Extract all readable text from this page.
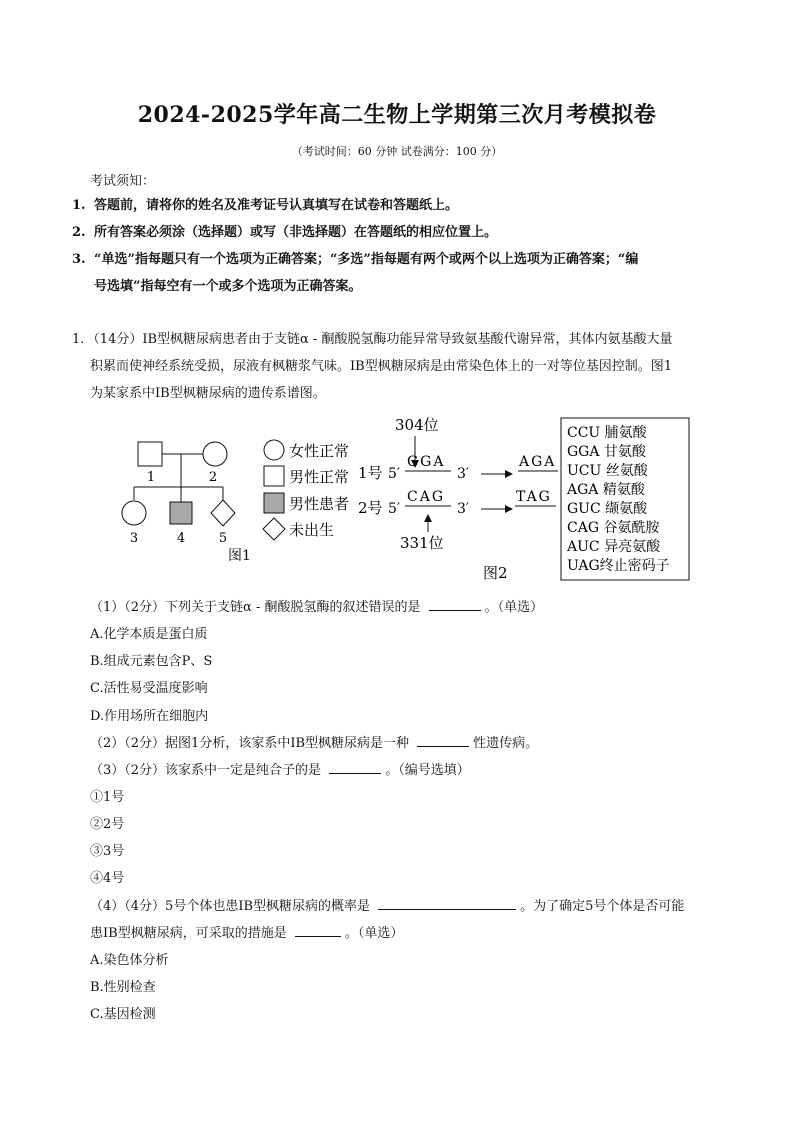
2024-2025学年高二生物上学期第三次月考模拟卷
（考试时间：60 分钟 试卷满分：100 分）
考试须知：
1. 答题前，请将你的姓名及准考证号认真填写在试卷和答题纸上。
2. 所有答案必须涂（选择题）或写（非选择题）在答题纸的相应位置上。
3. “单选”指每题只有一个选项为正确答案；“多选”指每题有两个或两个以上选项为正确答案；“编
号选填”指每空有一个或多个选项为正确答案。
1．（14分）IB型枫糖尿病患者由于支链α - 酮酸脱氢酶功能异常导致氨基酸代谢异常，其体内氨基酸大量
积累而使神经系统受损，尿液有枫糖浆气味。IB型枫糖尿病是由常染色体上的一对等位基因控制。图1
为某家系中IB型枫糖尿病的遗传系谱图。
1	2
3	4	5
图1
女性正常
男性正常
男性患者
未出生
304位
1号 5′
GGA
3′
AGA
2号 5′
CAG
3′
TAG
331位
图2
CCU 脯氨酸
GGA 甘氨酸
UCU 丝氨酸
AGA 精氨酸
GUC 缬氨酸
CAG 谷氨酰胺
AUC 异亮氨酸
UAG终止密码子
（1）（2分）下列关于支链α - 酮酸脱氢酶的叙述错误的是	。（单选）
A.化学本质是蛋白质
B.组成元素包含P、S
C.活性易受温度影响
D.作用场所在细胞内
（2）（2分）据图1分析，该家系中IB型枫糖尿病是一种	性遗传病。
（3）（2分）该家系中一定是纯合子的是	。（编号选填）
①1号
②2号
③3号
④4号
（4）（4分）5号个体也患IB型枫糖尿病的概率是	。为了确定5号个体是否可能
患IB型枫糖尿病，可采取的措施是	。（单选）
A.染色体分析
B.性别检查
C.基因检测
